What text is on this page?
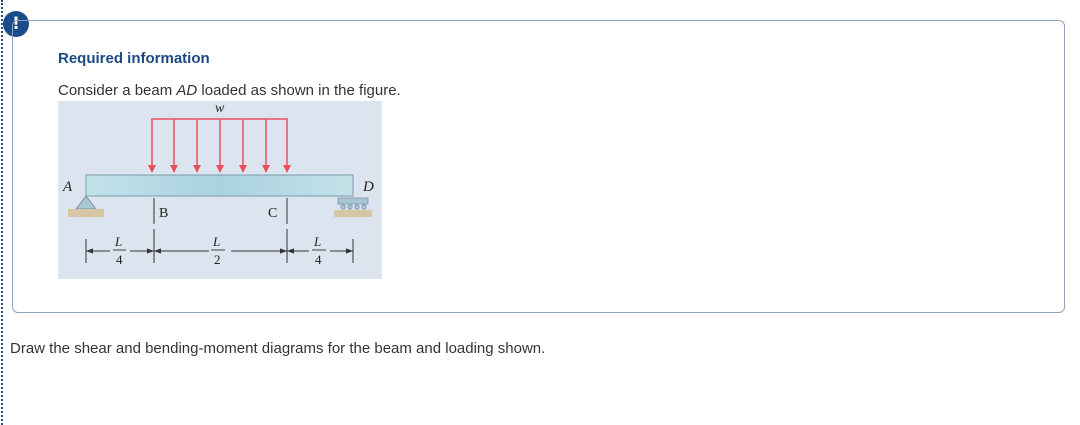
!
Required information
Consider a beam AD loaded as shown in the figure.
w
A	D
B	C
L
4
L
2
L
4
Draw the shear and bending-moment diagrams for the beam and loading shown.
